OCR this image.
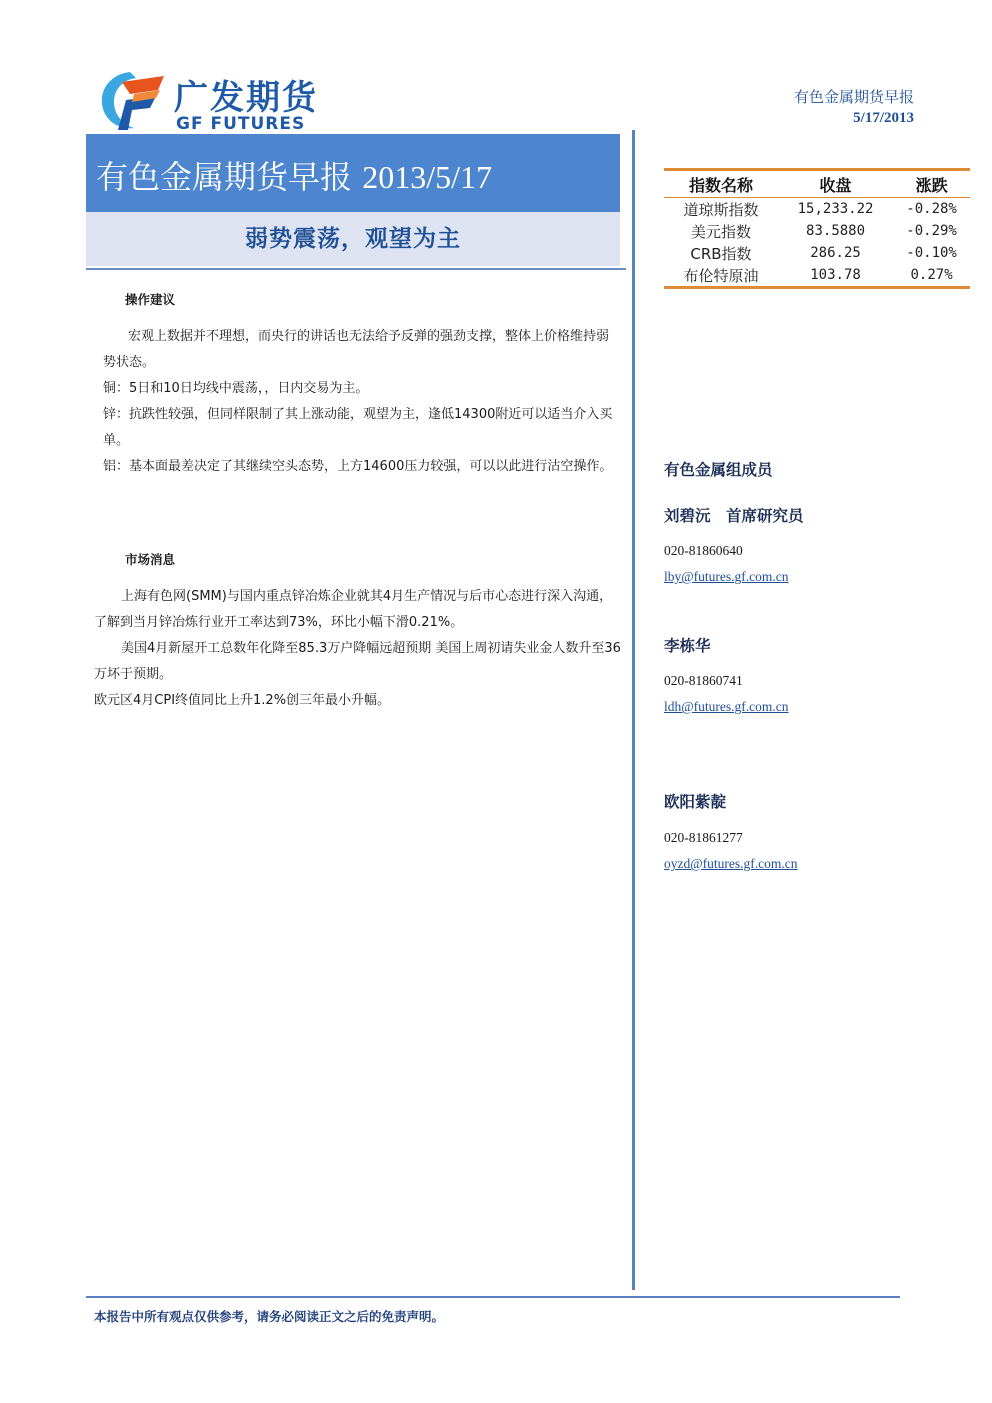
广发期货
GF FUTURES
有色金属期货早报
5/17/2013
有色金属期货早报 2013/5/17
弱势震荡，观望为主
操作建议
宏观上数据并不理想，而央行的讲话也无法给予反弹的强劲支撑，整体上价格维持弱势状态。
铜：5日和10日均线中震荡，，日内交易为主。
锌：抗跌性较强，但同样限制了其上涨动能，观望为主，逢低14300附近可以适当介入买单。
铝：基本面最差决定了其继续空头态势，上方14600压力较强，可以以此进行沽空操作。
市场消息
上海有色网(SMM)与国内重点锌冶炼企业就其4月生产情况与后市心态进行深入沟通，了解到当月锌冶炼行业开工率达到73%，环比小幅下滑0.21%。
美国4月新屋开工总数年化降至85.3万户降幅远超预期 美国上周初请失业金人数升至36万坏于预期。
欧元区4月CPI终值同比上升1.2%创三年最小升幅。
指数名称	收盘	涨跌
道琼斯指数	15,233.22	-0.28%
美元指数	83.5880	-0.29%
CRB指数	286.25	-0.10%
布伦特原油	103.78	0.27%
有色金属组成员
刘碧沅　首席研究员
020-81860640
lby@futures.gf.com.cn
李栋华
020-81860741
ldh@futures.gf.com.cn
欧阳紫靛
020-81861277
oyzd@futures.gf.com.cn
本报告中所有观点仅供参考，请务必阅读正文之后的免责声明。
